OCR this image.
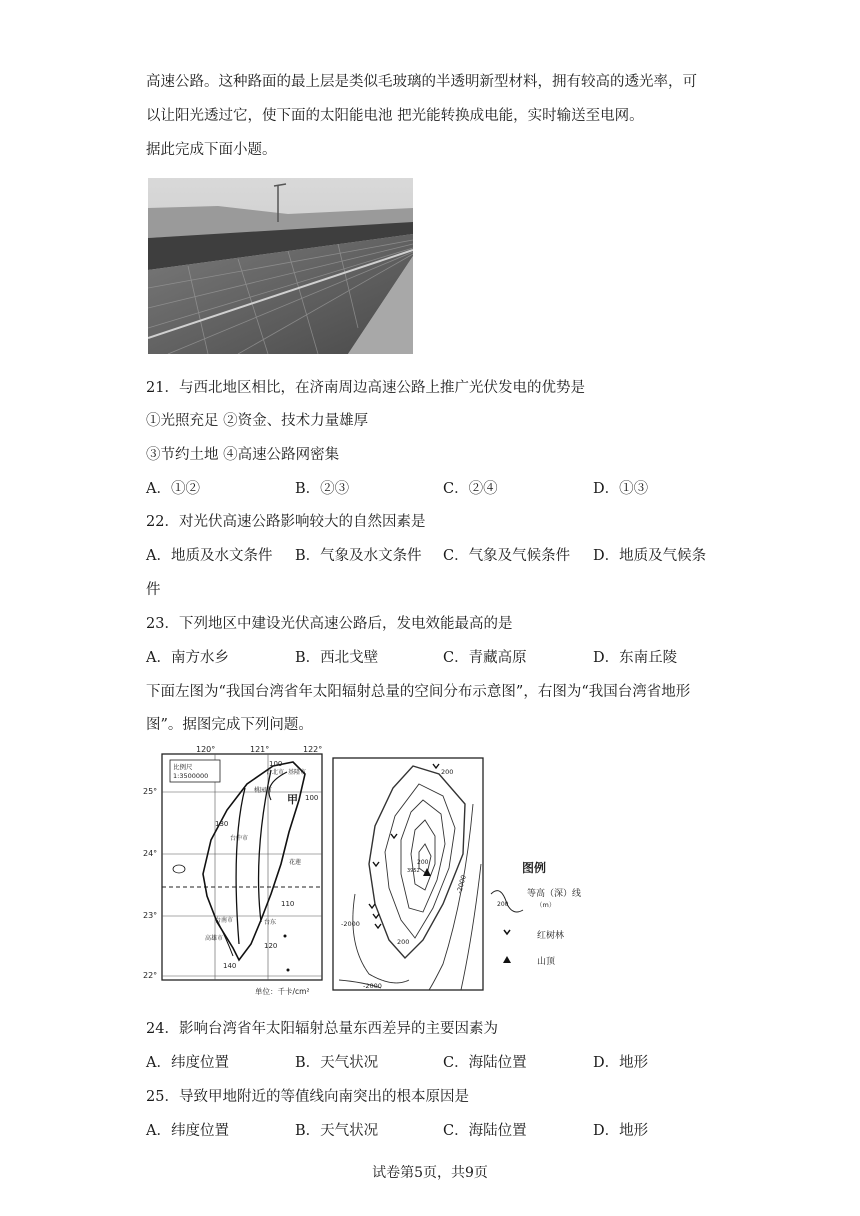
高速公路。这种路面的最上层是类似毛玻璃的半透明新型材料，拥有较高的透光率，可
以让阳光透过它，使下面的太阳能电池 把光能转换成电能，实时输送至电网。
据此完成下面小题。
21．与西北地区相比，在济南周边高速公路上推广光伏发电的优势是
①光照充足 ②资金、技术力量雄厚
③节约土地 ④高速公路网密集
A．①②	B．②③	C．②④	D．①③
22．对光伏高速公路影响较大的自然因素是
A．地质及水文条件 B．气象及水文条件 C．气象及气候条件 D．地质及气候条
件
23．下列地区中建设光伏高速公路后，发电效能最高的是
A．南方水乡	B．西北戈壁	C．青藏高原	D．东南丘陵
下面左图为“我国台湾省年太阳辐射总量的空间分布示意图”，右图为“我国台湾省地形
图”。据图完成下列问题。
120°	121°	122°
25°
24°
23°
22°
比例尺
1:3500000	台北市 基隆市
桃园市
台中市
花莲
台东
台南市
高雄市
100
100
130
110
120
140
甲
单位：千卡/cm²
200
200
200
-2000
-2000
-2000
3952	图例
200
等高（深）线
（m）
红树林
山顶
24．影响台湾省年太阳辐射总量东西差异的主要因素为
A．纬度位置	B．天气状况	C．海陆位置	D．地形
25．导致甲地附近的等值线向南突出的根本原因是
A．纬度位置	B．天气状况	C．海陆位置	D．地形
试卷第5页，共9页
